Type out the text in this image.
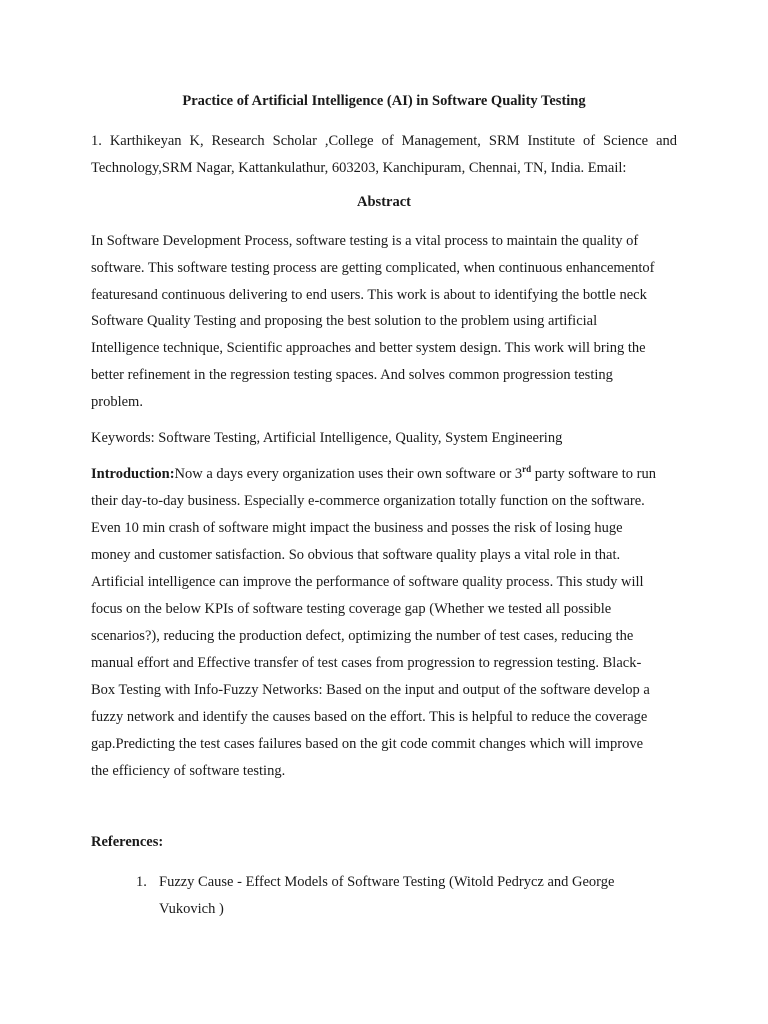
Practice of Artificial Intelligence (AI) in Software Quality Testing
1. Karthikeyan K, Research Scholar ,College of Management, SRM Institute of Science and Technology,SRM Nagar, Kattankulathur, 603203, Kanchipuram, Chennai, TN, India. Email:
Abstract
In Software Development Process, software testing is a vital process to maintain the quality of
software. This software testing process are getting complicated, when continuous enhancementof
featuresand continuous delivering to end users. This work is about to identifying the bottle neck
Software Quality Testing and proposing the best solution to the problem using artificial
Intelligence technique, Scientific approaches and better system design. This work will bring the
better refinement in the regression testing spaces. And solves common progression testing
problem.
Keywords: Software Testing, Artificial Intelligence, Quality, System Engineering
Introduction:Now a days every organization uses their own software or 3rd party software to run
their day-to-day business. Especially e-commerce organization totally function on the software.
Even 10 min crash of software might impact the business and posses the risk of losing huge
money and customer satisfaction. So obvious that software quality plays a vital role in that.
Artificial intelligence can improve the performance of software quality process. This study will
focus on the below KPIs of software testing coverage gap (Whether we tested all possible
scenarios?), reducing the production defect, optimizing the number of test cases, reducing the
manual effort and Effective transfer of test cases from progression to regression testing. Black-
Box Testing with Info-Fuzzy Networks: Based on the input and output of the software develop a
fuzzy network and identify the causes based on the effort. This is helpful to reduce the coverage
gap.Predicting the test cases failures based on the git code commit changes which will improve
the efficiency of software testing.
References:
1. Fuzzy Cause - Effect Models of Software Testing (Witold Pedrycz and George
Vukovich )
